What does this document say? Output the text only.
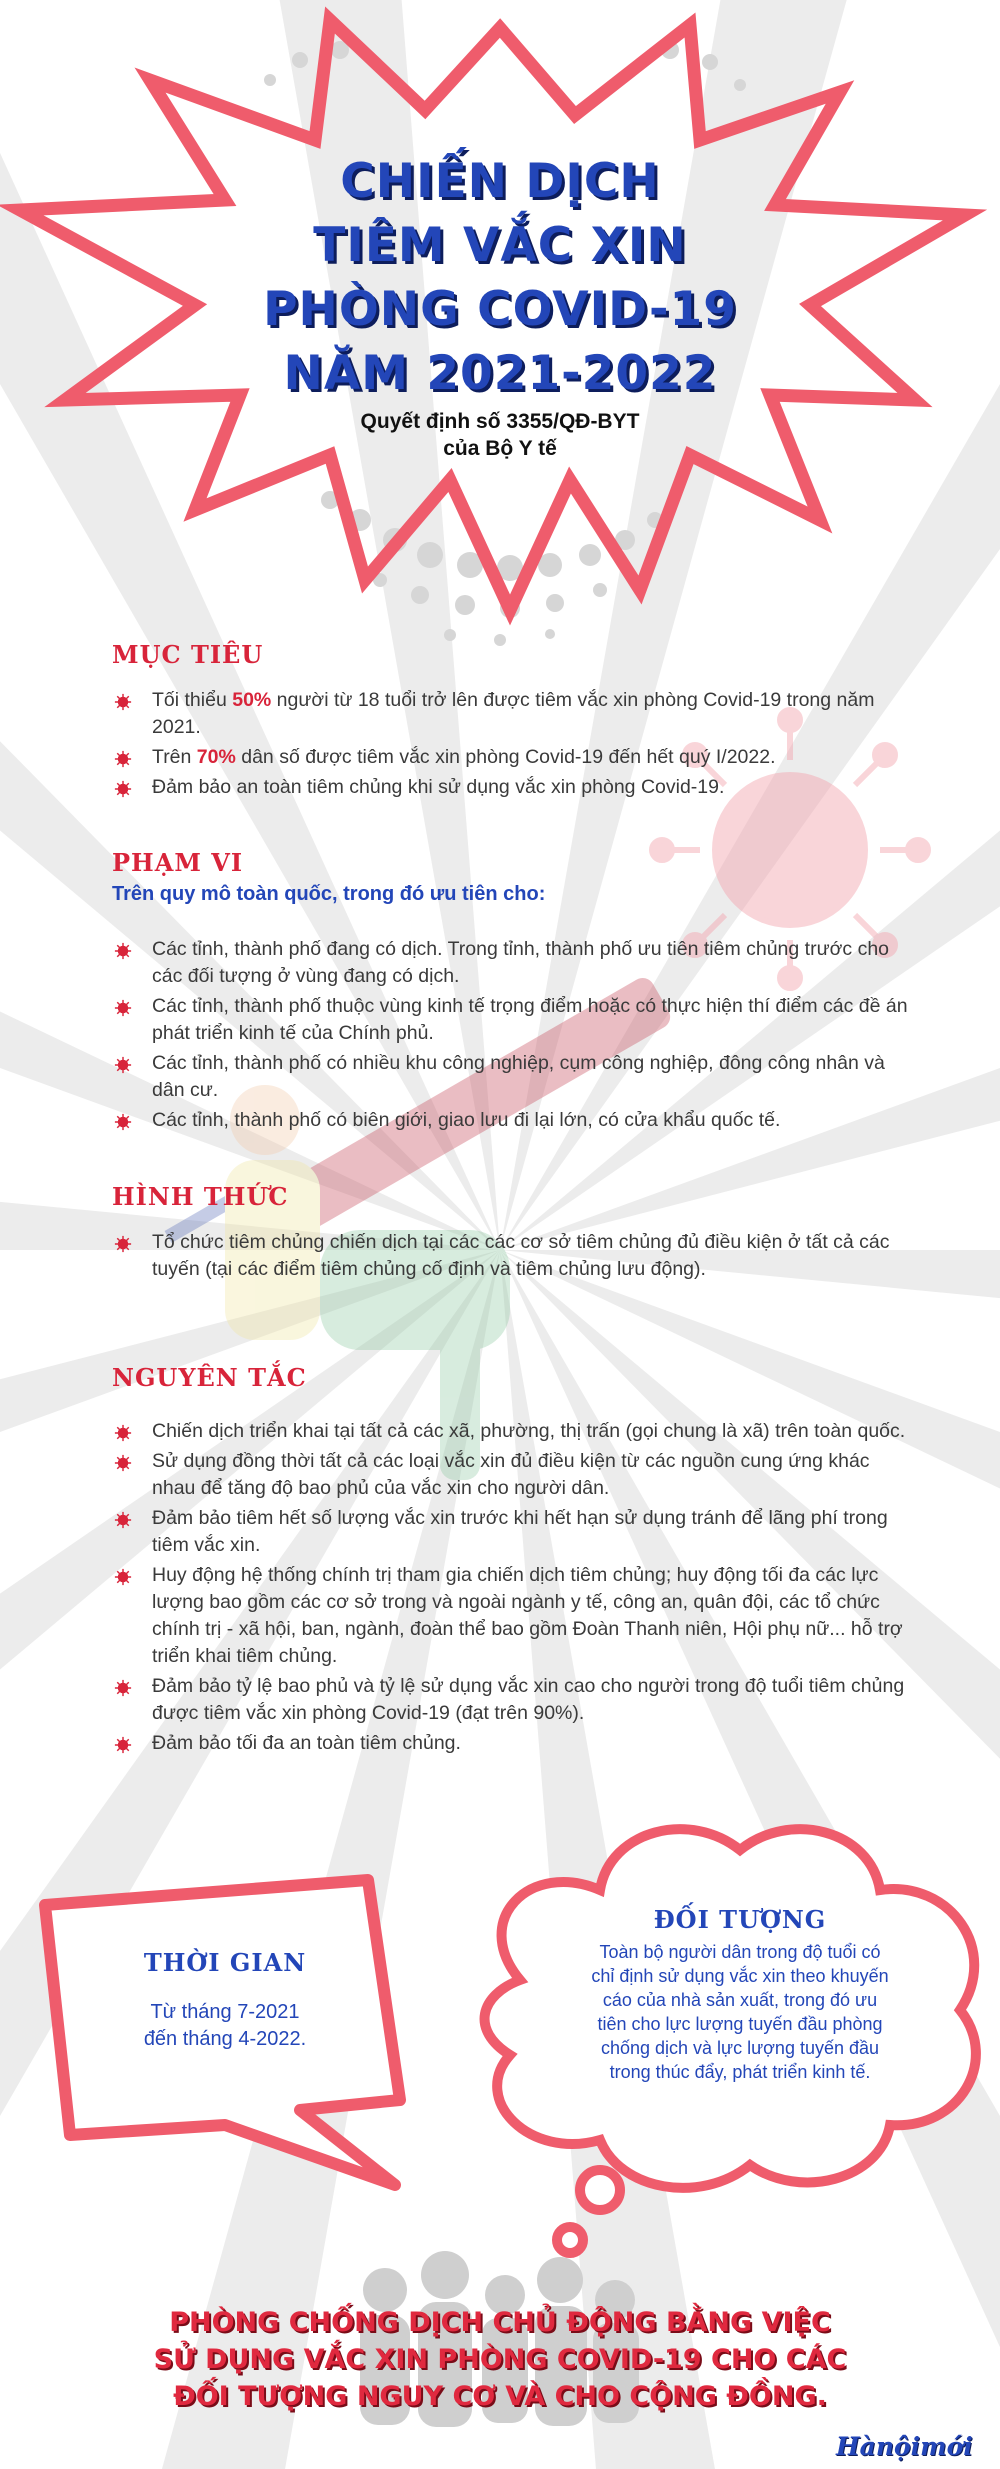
CHIẾN DỊCH
TIÊM VẮC XIN
PHÒNG COVID-19
NĂM 2021-2022
Quyết định số 3355/QĐ-BYT
của Bộ Y tế
MỤC TIÊU
Tối thiểu 50% người từ 18 tuổi trở lên được tiêm vắc xin phòng Covid-19 trong năm 2021.
Trên 70% dân số được tiêm vắc xin phòng Covid-19 đến hết quý I/2022.
Đảm bảo an toàn tiêm chủng khi sử dụng vắc xin phòng Covid-19.
PHẠM VI
Trên quy mô toàn quốc, trong đó ưu tiên cho:
Các tỉnh, thành phố đang có dịch. Trong tỉnh, thành phố ưu tiên tiêm chủng trước cho các đối tượng ở vùng đang có dịch.
Các tỉnh, thành phố thuộc vùng kinh tế trọng điểm hoặc có thực hiện thí điểm các đề án phát triển kinh tế của Chính phủ.
Các tỉnh, thành phố có nhiều khu công nghiệp, cụm công nghiệp, đông công nhân và dân cư.
Các tỉnh, thành phố có biên giới, giao lưu đi lại lớn, có cửa khẩu quốc tế.
HÌNH THỨC
Tổ chức tiêm chủng chiến dịch tại các các cơ sở tiêm chủng đủ điều kiện ở tất cả các tuyến (tại các điểm tiêm chủng cố định và tiêm chủng lưu động).
NGUYÊN TẮC
Chiến dịch triển khai tại tất cả các xã, phường, thị trấn (gọi chung là xã) trên toàn quốc.
Sử dụng đồng thời tất cả các loại vắc xin đủ điều kiện từ các nguồn cung ứng khác nhau để tăng độ bao phủ của vắc xin cho người dân.
Đảm bảo tiêm hết số lượng vắc xin trước khi hết hạn sử dụng tránh để lãng phí trong tiêm vắc xin.
Huy động hệ thống chính trị tham gia chiến dịch tiêm chủng; huy động tối đa các lực lượng bao gồm các cơ sở trong và ngoài ngành y tế, công an, quân đội, các tổ chức chính trị - xã hội, ban, ngành, đoàn thể bao gồm Đoàn Thanh niên, Hội phụ nữ... hỗ trợ triển khai tiêm chủng.
Đảm bảo tỷ lệ bao phủ và tỷ lệ sử dụng vắc xin cao cho người trong độ tuổi tiêm chủng được tiêm vắc xin phòng Covid-19 (đạt trên 90%).
Đảm bảo tối đa an toàn tiêm chủng.
THỜI GIAN
Từ tháng 7-2021
đến tháng 4-2022.
ĐỐI TƯỢNG
Toàn bộ người dân trong độ tuổi có
chỉ định sử dụng vắc xin theo khuyến
cáo của nhà sản xuất, trong đó ưu
tiên cho lực lượng tuyến đầu phòng
chống dịch và lực lượng tuyến đầu
trong thúc đẩy, phát triển kinh tế.
PHÒNG CHỐNG DỊCH CHỦ ĐỘNG BẰNG VIỆC
SỬ DỤNG VẮC XIN PHÒNG COVID-19 CHO CÁC
ĐỐI TƯỢNG NGUY CƠ VÀ CHO CỘNG ĐỒNG.
Hànộimới
